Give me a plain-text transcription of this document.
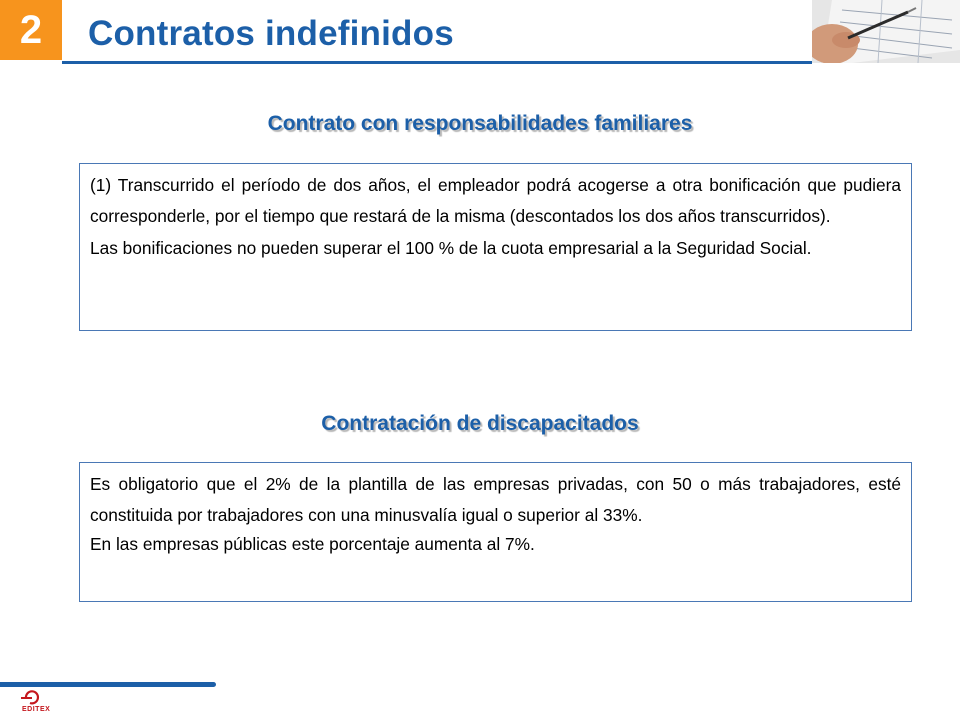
2	Contratos indefinidos
Contrato con responsabilidades familiares

(1) Transcurrido el período de dos años, el empleador podrá acogerse a otra bonificación que pudiera corresponderle, por el tiempo que restará de la misma (descontados los dos años transcurridos).

Las bonificaciones no pueden superar el 100 % de la cuota empresarial a la Seguridad Social.

Contratación de discapacitados

Es obligatorio que el 2% de la plantilla de las empresas privadas, con 50 o más trabajadores, esté constituida por trabajadores con una minusvalía igual o superior al 33%.

En las empresas públicas este porcentaje aumenta al 7%.

EDITEX
